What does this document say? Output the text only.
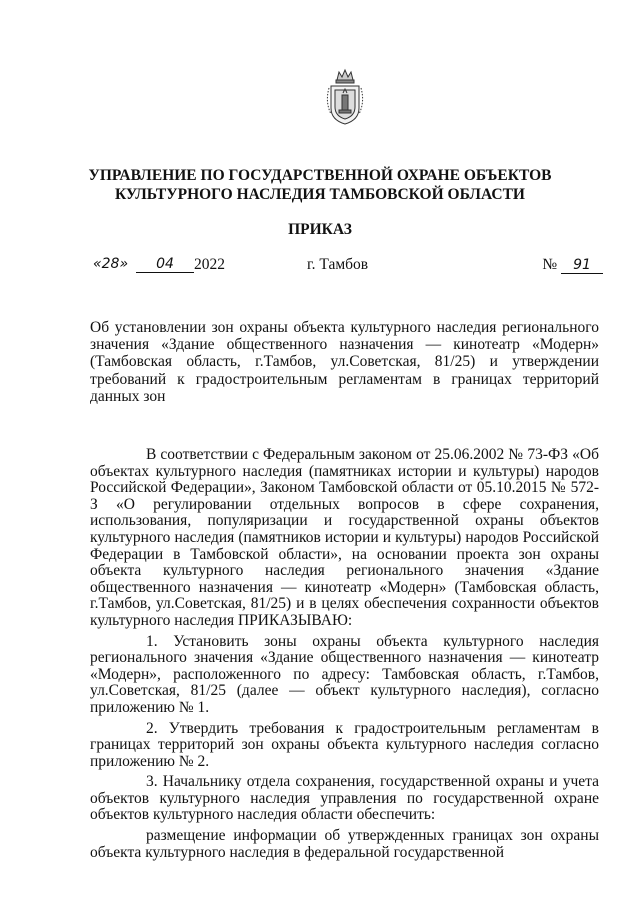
УПРАВЛЕНИЕ ПО ГОСУДАРСТВЕННОЙ ОХРАНЕ ОБЪЕКТОВ
КУЛЬТУРНОГО НАСЛЕДИЯ ТАМБОВСКОЙ ОБЛАСТИ
ПРИКАЗ
«28»	04	2022	г. Тамбов	№ 91
Об установлении зон охраны объекта культурного наследия регионального значения «Здание общественного назначения — кинотеатр «Модерн» (Тамбовская область, г.Тамбов, ул.Советская, 81/25) и утверждении требований к градостроительным регламентам в границах территорий данных зон

В соответствии с Федеральным законом от 25.06.2002 № 73-ФЗ «Об объектах культурного наследия (памятниках истории и культуры) народов Российской Федерации», Законом Тамбовской области от 05.10.2015 № 572-З «О регулировании отдельных вопросов в сфере сохранения, использования, популяризации и государственной охраны объектов культурного наследия (памятников истории и культуры) народов Российской Федерации в Тамбовской области», на основании проекта зон охраны объекта культурного наследия регионального значения «Здание общественного назначения — кинотеатр «Модерн» (Тамбовская область, г.Тамбов, ул.Советская, 81/25) и в целях обеспечения сохранности объектов культурного наследия ПРИКАЗЫВАЮ:

1. Установить зоны охраны объекта культурного наследия регионального значения «Здание общественного назначения — кинотеатр «Модерн», расположенного по адресу: Тамбовская область, г.Тамбов, ул.Советская, 81/25 (далее — объект культурного наследия), согласно приложению № 1.

2. Утвердить требования к градостроительным регламентам в границах территорий зон охраны объекта культурного наследия согласно приложению № 2.

3. Начальнику отдела сохранения, государственной охраны и учета объектов культурного наследия управления по государственной охране объектов культурного наследия области обеспечить:

размещение информации об утвержденных границах зон охраны объекта культурного наследия в федеральной государственной
